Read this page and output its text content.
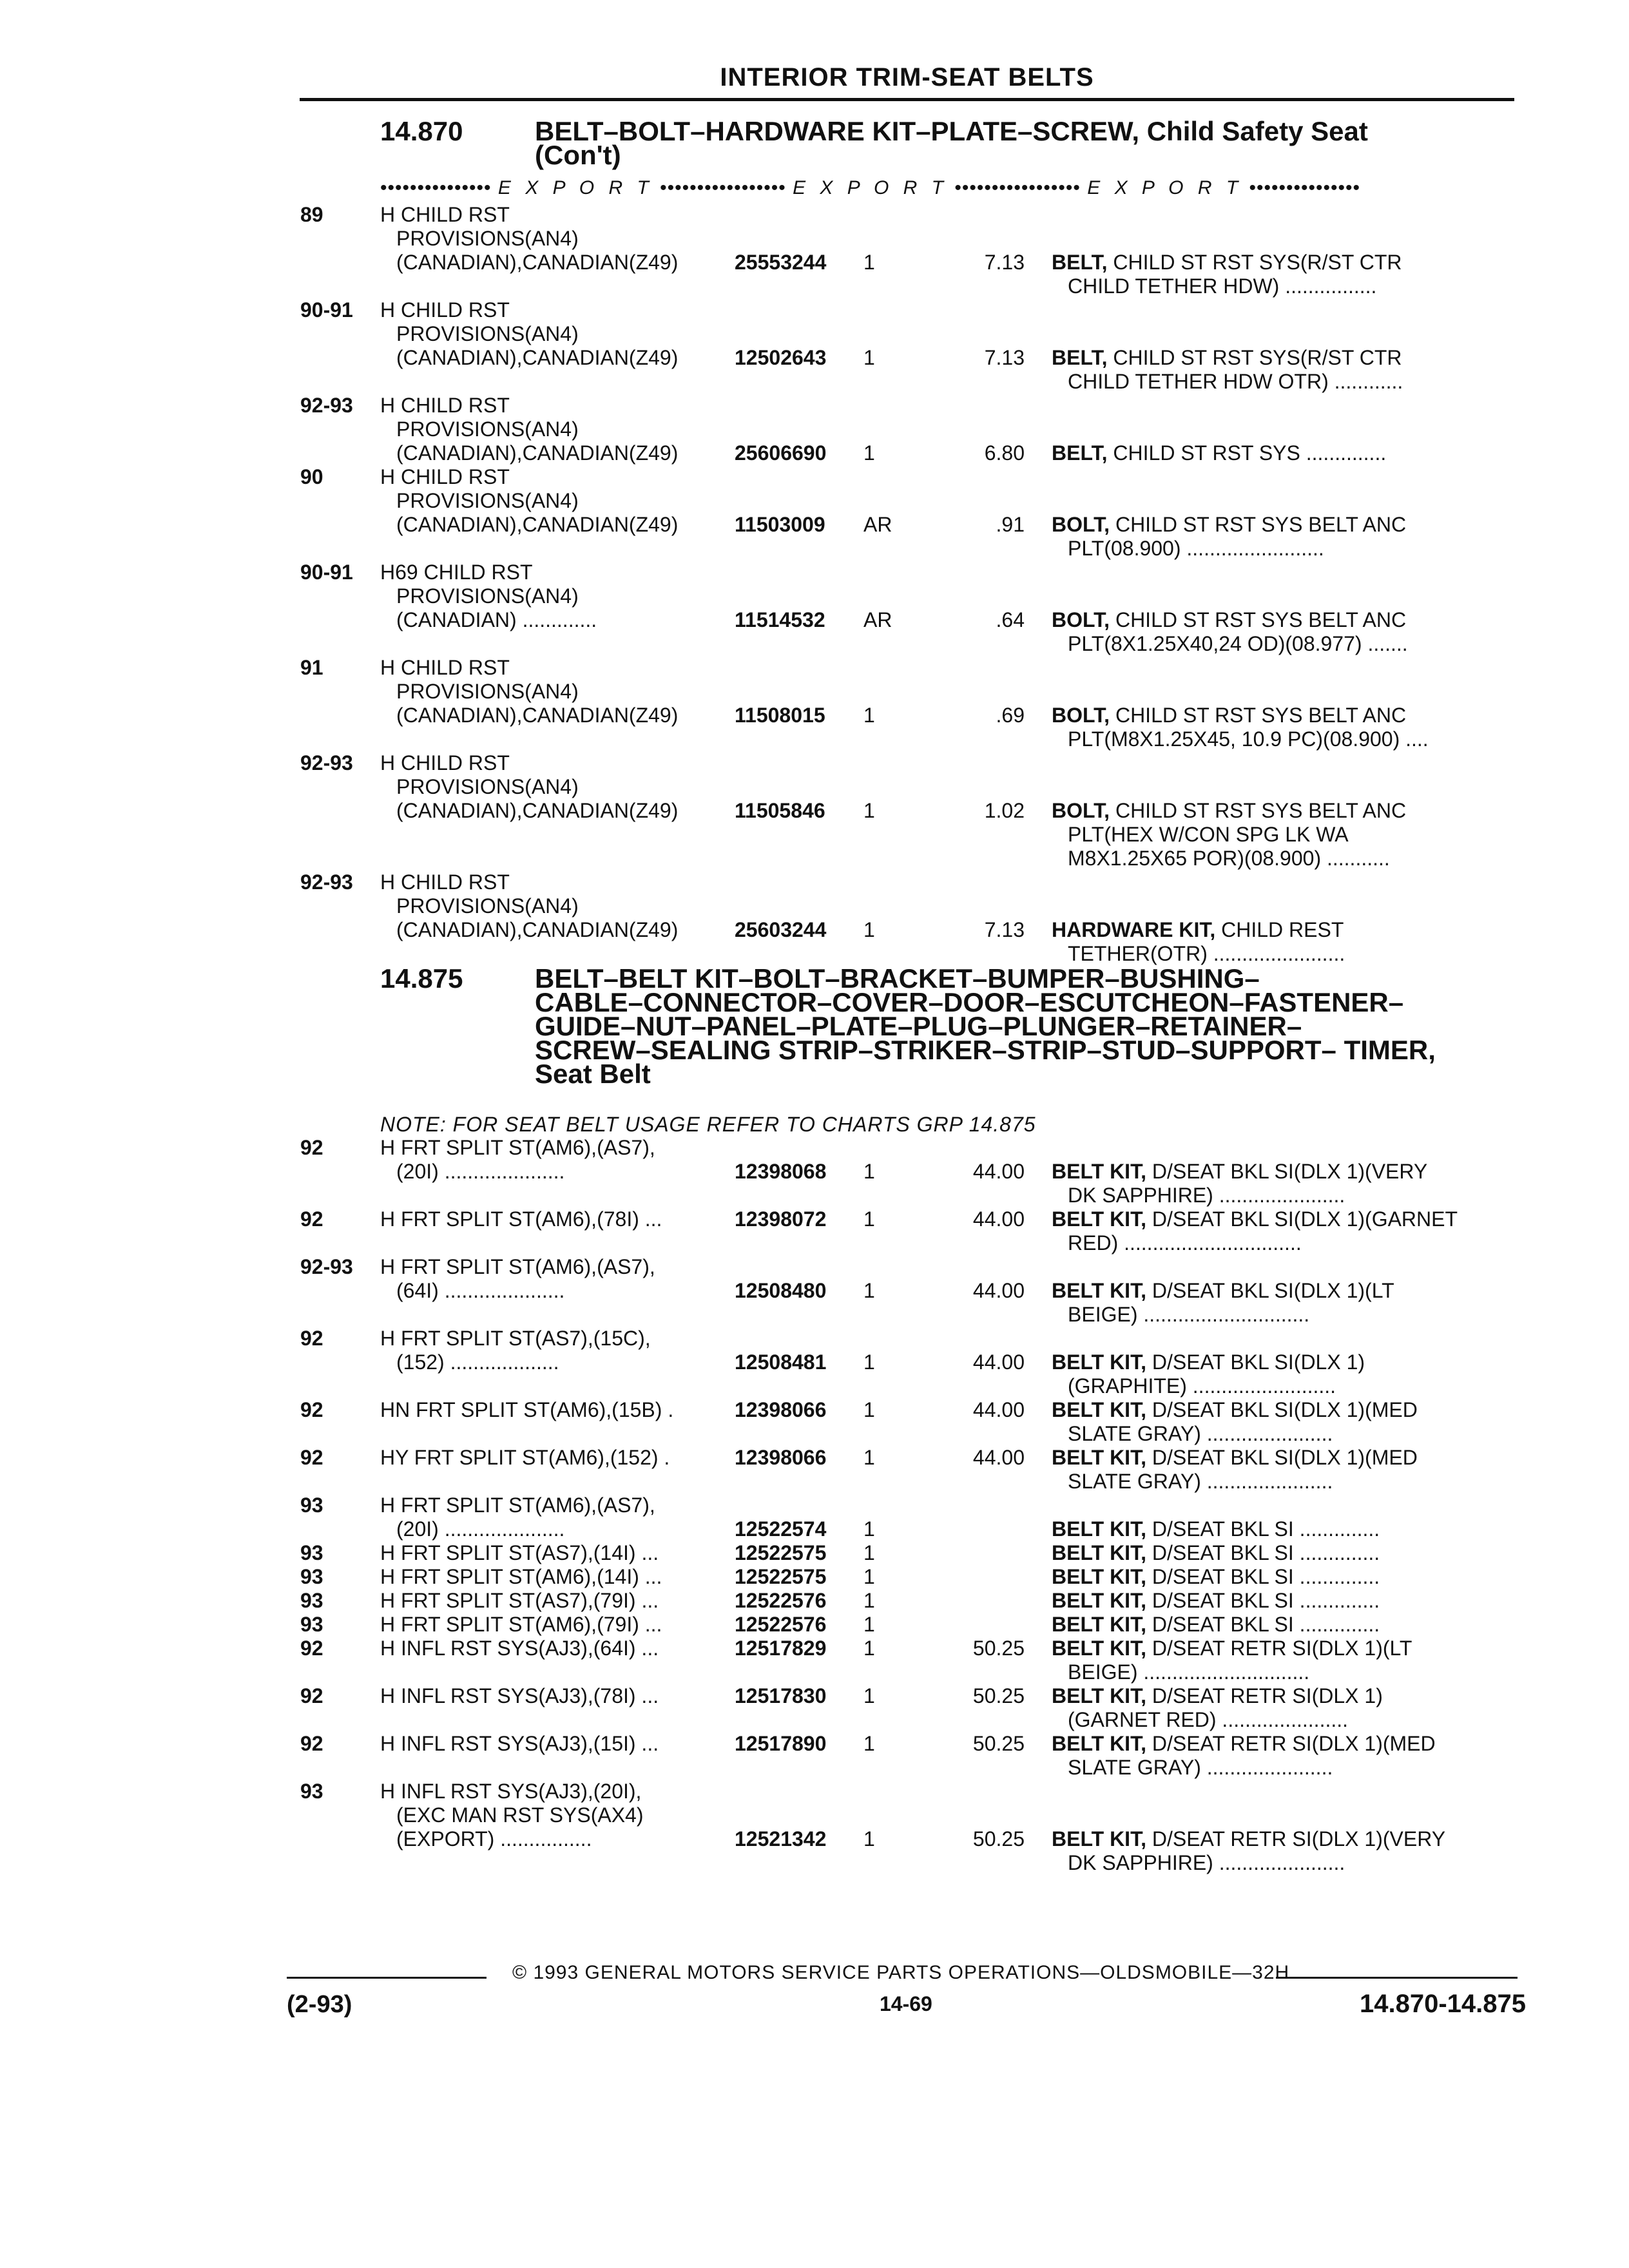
INTERIOR TRIM-SEAT BELTS
14.870	BELT–BOLT–HARDWARE KIT–PLATE–SCREW, Child Safety Seat
(Con't)
••••••••••••••• E X P O R T ••••••••••••••••• E X P O R T ••••••••••••••••• E X P O R T •••••••••••••••
14.875	BELT–BELT KIT–BOLT–BRACKET–BUMPER–BUSHING–
CABLE–CONNECTOR–COVER–DOOR–ESCUTCHEON–FASTENER–
GUIDE–NUT–PANEL–PLATE–PLUG–PLUNGER–RETAINER–
SCREW–SEALING STRIP–STRIKER–STRIP–STUD–SUPPORT– TIMER,
Seat Belt
NOTE: FOR SEAT BELT USAGE REFER TO CHARTS GRP 14.875
89	H CHILD RST
PROVISIONS(AN4)
(CANADIAN),CANADIAN(Z49)	25553244 1	7.13 BELT, CHILD ST RST SYS(R/ST CTR
CHILD TETHER HDW) ................
90-91 H CHILD RST
PROVISIONS(AN4)
(CANADIAN),CANADIAN(Z49)	12502643 1	7.13 BELT, CHILD ST RST SYS(R/ST CTR
CHILD TETHER HDW OTR) ............
92-93 H CHILD RST
PROVISIONS(AN4)
(CANADIAN),CANADIAN(Z49)	25606690 1	6.80 BELT, CHILD ST RST SYS ..............
90	H CHILD RST
PROVISIONS(AN4)
(CANADIAN),CANADIAN(Z49)	11503009 AR	.91 BOLT, CHILD ST RST SYS BELT ANC
PLT(08.900) ........................
90-91 H69 CHILD RST
PROVISIONS(AN4)
(CANADIAN) .............	11514532 AR	.64 BOLT, CHILD ST RST SYS BELT ANC
PLT(8X1.25X40,24 OD)(08.977) .......
91	H CHILD RST
PROVISIONS(AN4)
(CANADIAN),CANADIAN(Z49)	11508015 1	.69 BOLT, CHILD ST RST SYS BELT ANC
PLT(M8X1.25X45, 10.9 PC)(08.900) ....
92-93 H CHILD RST
PROVISIONS(AN4)
(CANADIAN),CANADIAN(Z49)	11505846 1	1.02 BOLT, CHILD ST RST SYS BELT ANC
PLT(HEX W/CON SPG LK WA
M8X1.25X65 POR)(08.900) ...........
92-93 H CHILD RST
PROVISIONS(AN4)
(CANADIAN),CANADIAN(Z49)	25603244 1	7.13 HARDWARE KIT, CHILD REST
TETHER(OTR) .......................
92	H FRT SPLIT ST(AM6),(AS7),
(20I) .....................	12398068 1	44.00 BELT KIT, D/SEAT BKL SI(DLX 1)(VERY
DK SAPPHIRE) ......................
92	H FRT SPLIT ST(AM6),(78I) ...	12398072 1	44.00 BELT KIT, D/SEAT BKL SI(DLX 1)(GARNET
RED) ...............................
92-93 H FRT SPLIT ST(AM6),(AS7),
(64I) .....................	12508480 1	44.00 BELT KIT, D/SEAT BKL SI(DLX 1)(LT
BEIGE) .............................
92	H FRT SPLIT ST(AS7),(15C),
(152) ...................	12508481 1	44.00 BELT KIT, D/SEAT BKL SI(DLX 1)
(GRAPHITE) .........................
92	HN FRT SPLIT ST(AM6),(15B) .	12398066 1	44.00 BELT KIT, D/SEAT BKL SI(DLX 1)(MED
SLATE GRAY) ......................
92	HY FRT SPLIT ST(AM6),(152) .	12398066 1	44.00 BELT KIT, D/SEAT BKL SI(DLX 1)(MED
SLATE GRAY) ......................
93	H FRT SPLIT ST(AM6),(AS7),
(20I) .....................	12522574 1	BELT KIT, D/SEAT BKL SI ..............
93	H FRT SPLIT ST(AS7),(14I) ...	12522575 1	BELT KIT, D/SEAT BKL SI ..............
93	H FRT SPLIT ST(AM6),(14I) ...	12522575 1	BELT KIT, D/SEAT BKL SI ..............
93	H FRT SPLIT ST(AS7),(79I) ...	12522576 1	BELT KIT, D/SEAT BKL SI ..............
93	H FRT SPLIT ST(AM6),(79I) ...	12522576 1	BELT KIT, D/SEAT BKL SI ..............
92	H INFL RST SYS(AJ3),(64I) ...	12517829 1	50.25 BELT KIT, D/SEAT RETR SI(DLX 1)(LT
BEIGE) .............................
92	H INFL RST SYS(AJ3),(78I) ...	12517830 1	50.25 BELT KIT, D/SEAT RETR SI(DLX 1)
(GARNET RED) ......................
92	H INFL RST SYS(AJ3),(15I) ...	12517890 1	50.25 BELT KIT, D/SEAT RETR SI(DLX 1)(MED
SLATE GRAY) ......................
93	H INFL RST SYS(AJ3),(20I),
(EXC MAN RST SYS(AX4)
(EXPORT) ................	12521342 1	50.25 BELT KIT, D/SEAT RETR SI(DLX 1)(VERY
DK SAPPHIRE) ......................
© 1993 GENERAL MOTORS SERVICE PARTS OPERATIONS—OLDSMOBILE—32H
(2-93)	14-69	14.870-14.875
